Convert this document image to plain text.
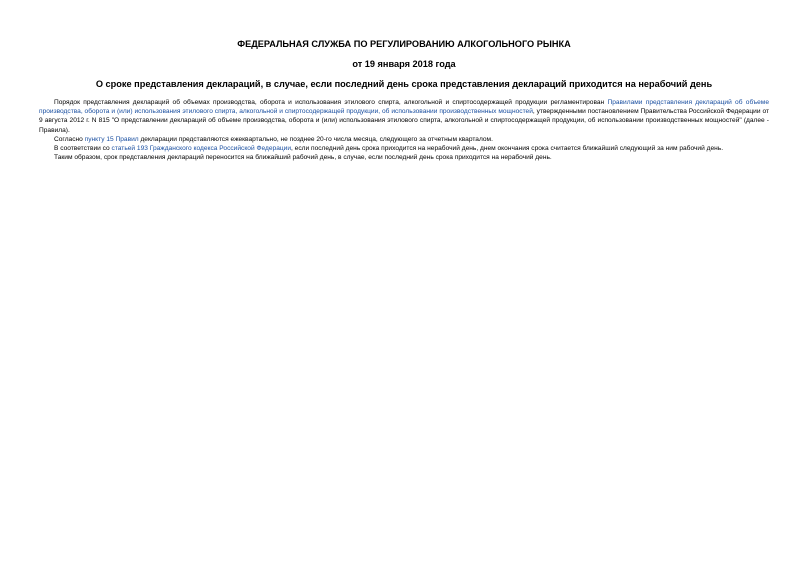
ФЕДЕРАЛЬНАЯ СЛУЖБА ПО РЕГУЛИРОВАНИЮ АЛКОГОЛЬНОГО РЫНКА
от 19 января 2018 года
О сроке представления деклараций, в случае, если последний день срока представления деклараций приходится на нерабочий день

Порядок представления деклараций об объемах производства, оборота и использования этилового спирта, алкогольной и спиртосодержащей продукции регламентирован Правилами представления деклараций об объеме производства, оборота и (или) использования этилового спирта, алкогольной и спиртосодержащей продукции, об использовании производственных мощностей, утвержденными постановлением Правительства Российской Федерации от 9 августа 2012 г. N 815 "О представлении деклараций об объеме производства, оборота и (или) использования этилового спирта, алкогольной и спиртосодержащей продукции, об использовании производственных мощностей" (далее - Правила).

Согласно пункту 15 Правил декларации представляются ежеквартально, не позднее 20-го числа месяца, следующего за отчетным кварталом.

В соответствии со статьей 193 Гражданского кодекса Российской Федерации, если последний день срока приходится на нерабочий день, днем окончания срока считается ближайший следующий за ним рабочий день.

Таким образом, срок представления деклараций переносится на ближайший рабочий день, в случае, если последний день срока приходится на нерабочий день.
